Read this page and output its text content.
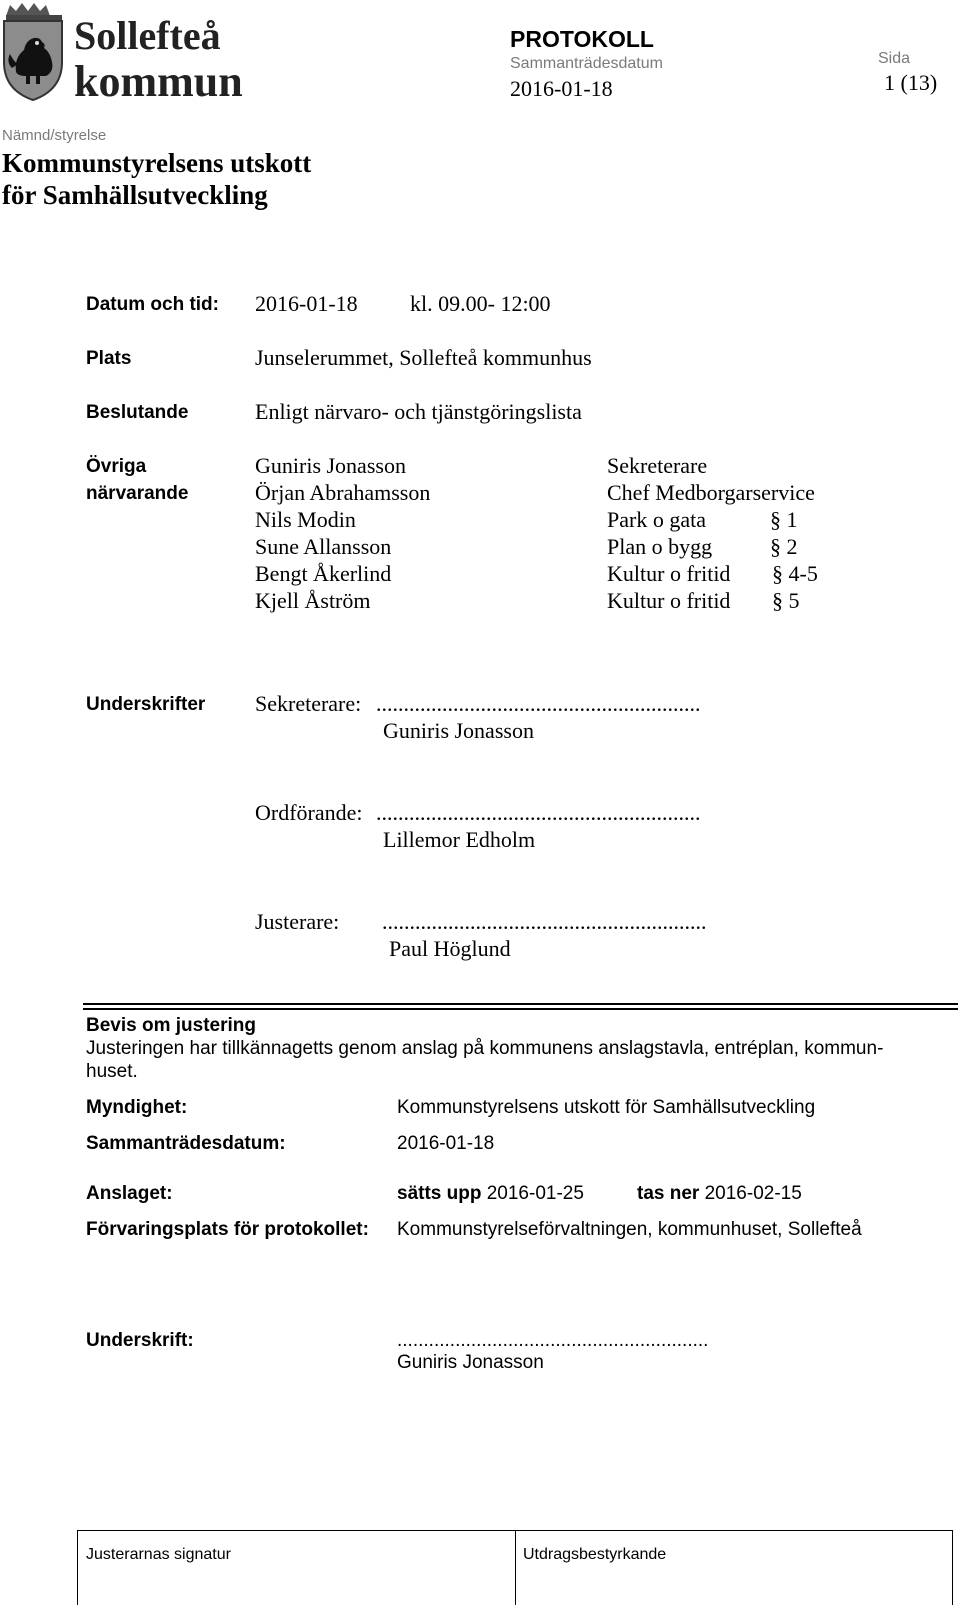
Sollefteå
kommun
PROTOKOLL
Sammanträdesdatum
2016-01-18
Sida
1 (13)
Nämnd/styrelse
Kommunstyrelsens utskott
för Samhällsutveckling
Datum och tid: 2016-01-18 kl. 09.00- 12:00
Plats	Junselerummet, Sollefteå kommunhus
Beslutande	Enligt närvaro- och tjänstgöringslista
Övriga
närvarande
Guniris Jonasson	Sekreterare
Örjan Abrahamsson	Chef Medborgarservice
Nils Modin	Park o gata	§ 1
Sune Allansson	Plan o bygg	§ 2
Bengt Åkerlind	Kultur o fritid § 4-5
Kjell Åström	Kultur o fritid § 5
Underskrifter Sekreterare: ...........................................................
Guniris Jonasson
Ordförande: ...........................................................
Lillemor Edholm
Justerare: ...........................................................
Paul Höglund
Bevis om justering
Justeringen har tillkännagetts genom anslag på kommunens anslagstavla, entréplan, kommun-
huset.
Myndighet:	Kommunstyrelsens utskott för Samhällsutveckling
Sammanträdesdatum:	2016-01-18
Anslaget:	sätts upp 2016-01-25	tas ner 2016-02-15
Förvaringsplats för protokollet: Kommunstyrelseförvaltningen, kommunhuset, Sollefteå
Underskrift:	...........................................................
Guniris Jonasson
Justerarnas signatur	Utdragsbestyrkande
